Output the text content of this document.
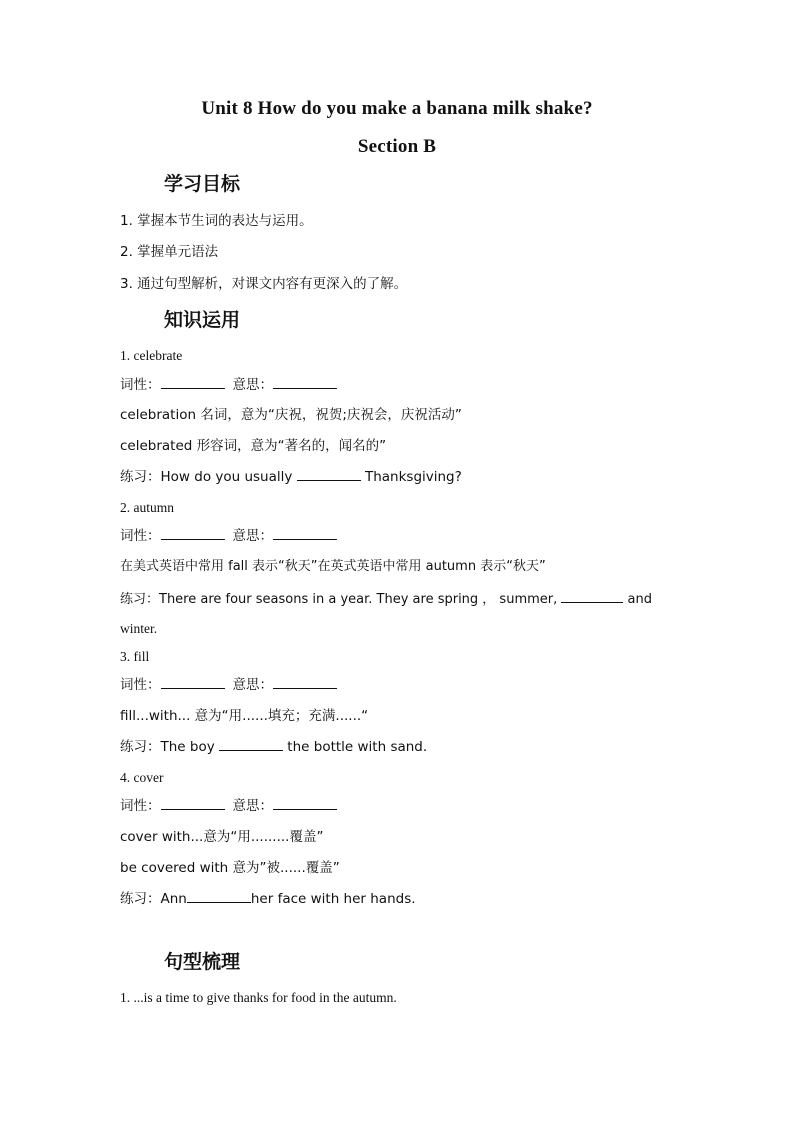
Unit 8 How do you make a banana milk shake?
Section B
学习目标
1. 掌握本节生词的表达与运用。
2. 掌握单元语法
3. 通过句型解析，对课文内容有更深入的了解。
知识运用
1. celebrate
词性：	意思：
celebration 名词，意为“庆祝，祝贺;庆祝会，庆祝活动”
celebrated 形容词，意为“著名的，闻名的”
练习：How do you usually	Thanksgiving?
2. autumn
词性：	意思：
在美式英语中常用 fall 表示“秋天”在英式英语中常用 autumn 表示“秋天”
练习：There are four seasons in a year. They are spring ， summer,	and
winter.
3. fill
词性：	意思：
fill...with... 意为“用......填充；充满......“
练习：The boy	the bottle with sand.
4. cover
词性：	意思：
cover with...意为“用.........覆盖”
be covered with 意为”被......覆盖”
练习：Ann	her face with her hands.
句型梳理
1. ...is a time to give thanks for food in the autumn.
